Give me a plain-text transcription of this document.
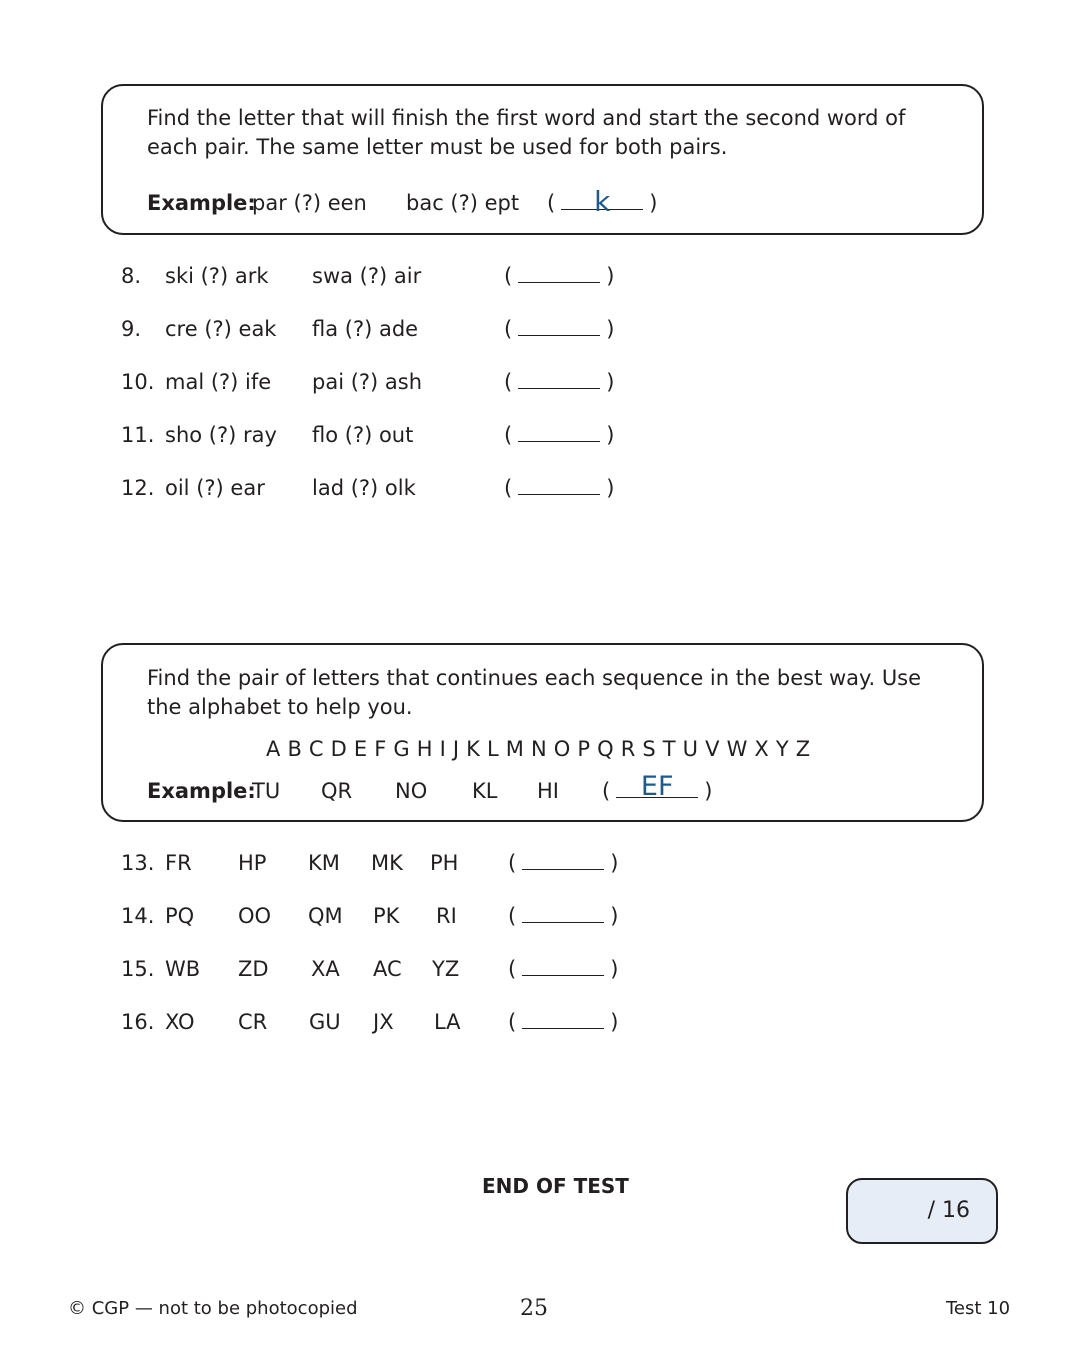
Find the letter that will finish the first word and start the second word of each pair. The same letter must be used for both pairs.
Example:
par (?) een bac (?) ept (	k	)
8. ski (?) ark swa (?) air	(	)
9. cre (?) eak fla (?) ade	(	)
10. mal (?) ife pai (?) ash	(	)
11. sho (?) ray flo (?) out	(	)
12. oil (?) ear lad (?) olk	(	)
Find the pair of letters that continues each sequence in the best way. Use the alphabet to help you.
A B C D E F G H I J K L M N O P Q R S T U V W X Y Z
Example:
TU QR NO KL HI (	EF	)
13. FR HP KM MK PH (	)
14. PQ OO QM PK RI (	)
15. WB ZD XA AC YZ (	)
16. XO CR GU JX LA (	)
END OF TEST
/ 16
© CGP — not to be photocopied	25	Test 10
